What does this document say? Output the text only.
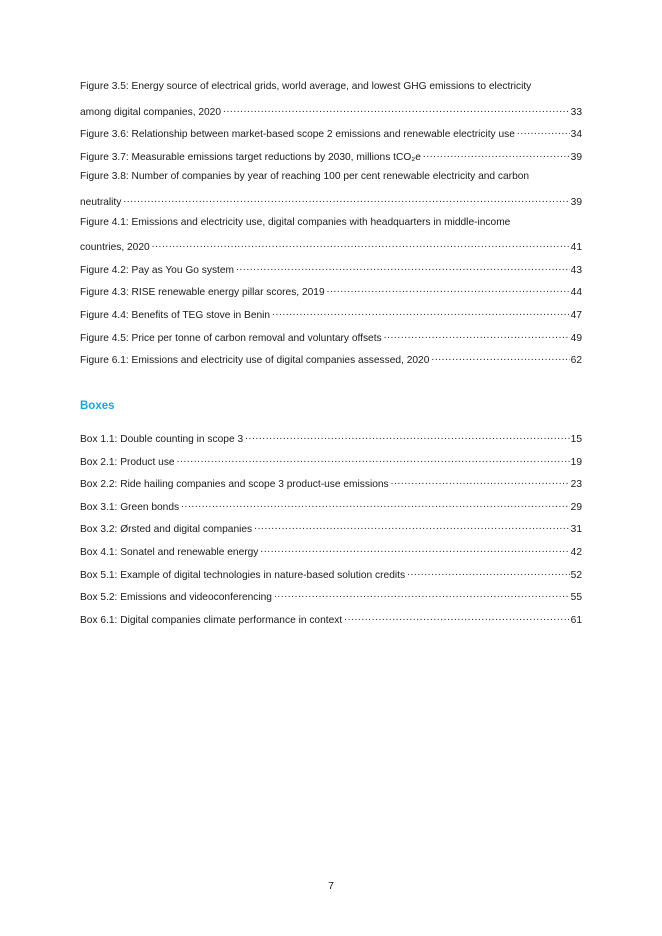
Figure 3.5: Energy source of electrical grids, world average, and lowest GHG emissions to electricity
among digital companies, 2020 .....	33
Figure 3.6: Relationship between market-based scope 2 emissions and renewable electricity use .....	34
Figure 3.7: Measurable emissions target reductions by 2030, millions tCO₂e .....	39
Figure 3.8: Number of companies by year of reaching 100 per cent renewable electricity and carbon
neutrality .....	39
Figure 4.1: Emissions and electricity use, digital companies with headquarters in middle-income
countries, 2020 .....	41
Figure 4.2: Pay as You Go system .....	43
Figure 4.3: RISE renewable energy pillar scores, 2019 .....	44
Figure 4.4: Benefits of TEG stove in Benin .....	47
Figure 4.5: Price per tonne of carbon removal and voluntary offsets .....	49
Figure 6.1: Emissions and electricity use of digital companies assessed, 2020 .....	62
Boxes
Box 1.1: Double counting in scope 3 .....	15
Box 2.1: Product use .....	19
Box 2.2: Ride hailing companies and scope 3 product-use emissions .....	23
Box 3.1: Green bonds .....	29
Box 3.2: Ørsted and digital companies .....	31
Box 4.1: Sonatel and renewable energy .....	42
Box 5.1: Example of digital technologies in nature-based solution credits .....	52
Box 5.2: Emissions and videoconferencing .....	55
Box 6.1: Digital companies climate performance in context .....	61
7
